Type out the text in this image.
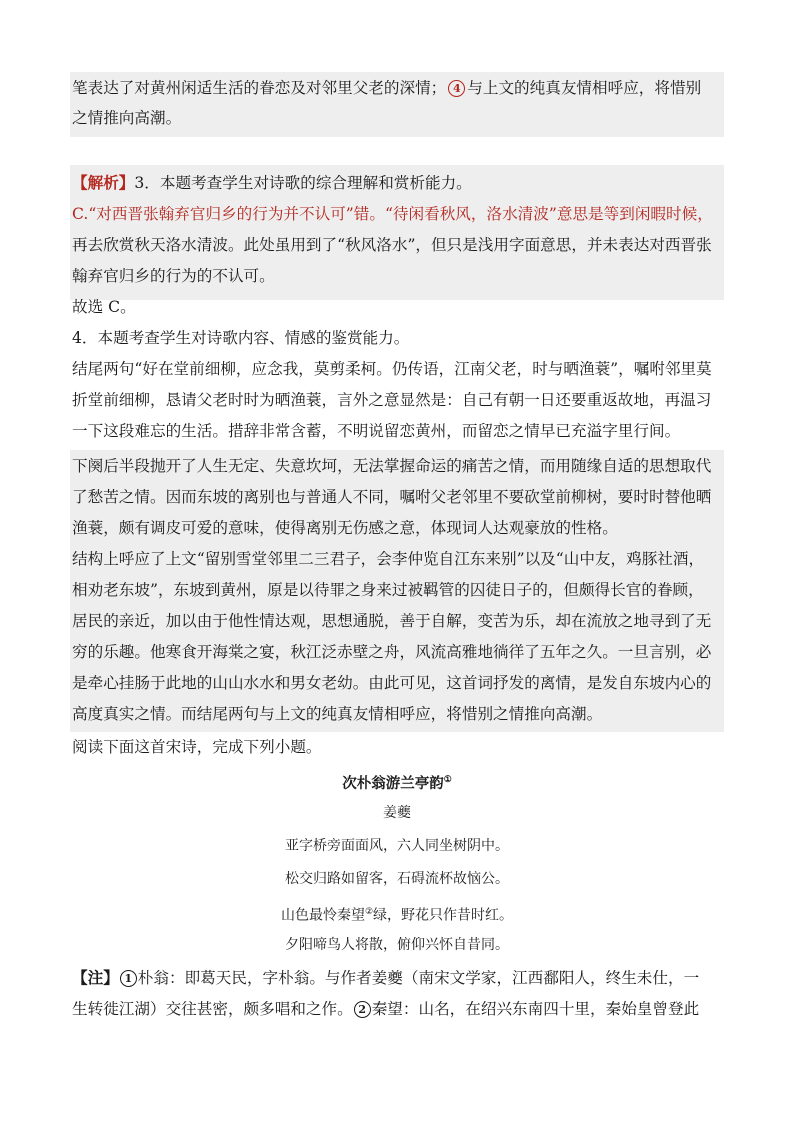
笔表达了对黄州闲适生活的眷恋及对邻里父老的深情； 4 与上文的纯真友情相呼应，将惜别
之情推向高潮。
【解析】3．本题考查学生对诗歌的综合理解和赏析能力。
C.“对西晋张翰弃官归乡的行为并不认可”错。“待闲看秋风，洛水清波”意思是等到闲暇时候，
再去欣赏秋天洛水清波。此处虽用到了“秋风洛水”，但只是浅用字面意思，并未表达对西晋张
翰弃官归乡的行为的不认可。
故选 C。
4．本题考查学生对诗歌内容、情感的鉴赏能力。
结尾两句“好在堂前细柳，应念我，莫剪柔柯。仍传语，江南父老，时与晒渔蓑”，嘱咐邻里莫
折堂前细柳，恳请父老时时为晒渔蓑，言外之意显然是：自己有朝一日还要重返故地，再温习
一下这段难忘的生活。措辞非常含蓄，不明说留恋黄州，而留恋之情早已充溢字里行间。
下阕后半段抛开了人生无定、失意坎坷，无法掌握命运的痛苦之情，而用随缘自适的思想取代
了愁苦之情。因而东坡的离别也与普通人不同，嘱咐父老邻里不要砍堂前柳树，要时时替他晒
渔蓑，颇有调皮可爱的意味，使得离别无伤感之意，体现词人达观豪放的性格。
结构上呼应了上文“留别雪堂邻里二三君子，会李仲览自江东来别”以及“山中友，鸡豚社酒，
相劝老东坡”，东坡到黄州，原是以待罪之身来过被羁管的囚徒日子的，但颇得长官的眷顾，
居民的亲近，加以由于他性情达观，思想通脱，善于自解，变苦为乐，却在流放之地寻到了无
穷的乐趣。他寒食开海棠之宴，秋江泛赤壁之舟，风流高雅地徜徉了五年之久。一旦言别，必
是牵心挂肠于此地的山山水水和男女老幼。由此可见，这首词抒发的离情，是发自东坡内心的
高度真实之情。而结尾两句与上文的纯真友情相呼应，将惜别之情推向高潮。
阅读下面这首宋诗，完成下列小题。
次朴翁游兰亭韵①
姜夔
亚字桥旁面面风，六人同坐树阴中。
松交归路如留客，石碍流杯故恼公。
山色最怜秦望②绿，野花只作昔时红。
夕阳啼鸟人将散，俯仰兴怀自昔同。
【注】 1 朴翁：即葛天民，字朴翁。与作者姜夔（南宋文学家，江西鄱阳人，终生未仕，一
生转徙江湖）交往甚密，颇多唱和之作。 2 秦望：山名，在绍兴东南四十里，秦始皇曾登此
